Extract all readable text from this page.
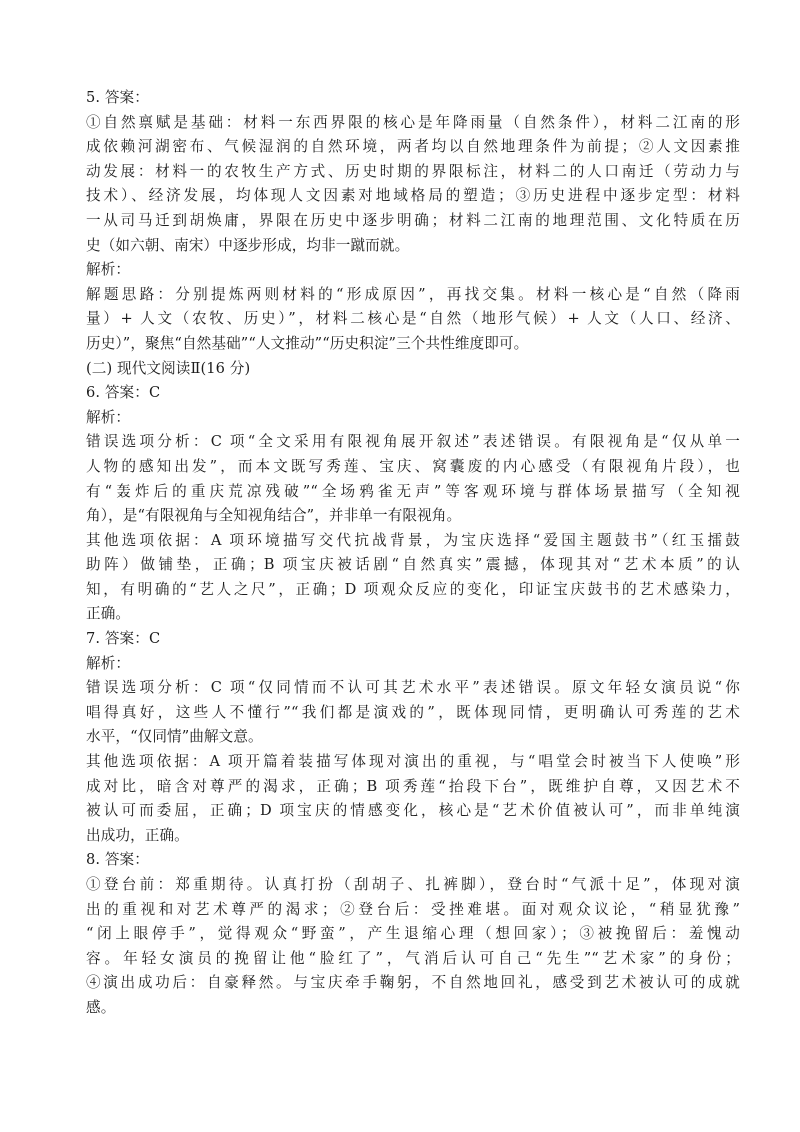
5. 答案：
①自然禀赋是基础：材料一东西界限的核心是年降雨量（自然条件），材料二江南的形
成依赖河湖密布、气候湿润的自然环境，两者均以自然地理条件为前提；②人文因素推
动发展：材料一的农牧生产方式、历史时期的界限标注，材料二的人口南迁（劳动力与
技术）、经济发展，均体现人文因素对地域格局的塑造；③历史进程中逐步定型：材料
一从司马迁到胡焕庸，界限在历史中逐步明确；材料二江南的地理范围、文化特质在历
史（如六朝、南宋）中逐步形成，均非一蹴而就。
解析：
解题思路：分别提炼两则材料的“形成原因”，再找交集。材料一核心是“自然（降雨
量）+ 人文（农牧、历史）”，材料二核心是“自然（地形气候）+ 人文（人口、经济、
历史）”，聚焦“自然基础”“人文推动”“历史积淀”三个共性维度即可。
(二) 现代文阅读Ⅱ(16 分)
6. 答案：C
解析：
错误选项分析：C 项“全文采用有限视角展开叙述”表述错误。有限视角是“仅从单一
人物的感知出发”，而本文既写秀莲、宝庆、窝囊废的内心感受（有限视角片段），也
有“轰炸后的重庆荒凉残破”“全场鸦雀无声”等客观环境与群体场景描写（全知视
角），是“有限视角与全知视角结合”，并非单一有限视角。
其他选项依据：A 项环境描写交代抗战背景，为宝庆选择“爱国主题鼓书”（红玉擂鼓
助阵）做铺垫，正确；B 项宝庆被话剧“自然真实”震撼，体现其对“艺术本质”的认
知，有明确的“艺人之尺”，正确；D 项观众反应的变化，印证宝庆鼓书的艺术感染力，
正确。
7. 答案：C
解析：
错误选项分析：C 项“仅同情而不认可其艺术水平”表述错误。原文年轻女演员说“你
唱得真好，这些人不懂行”“我们都是演戏的”，既体现同情，更明确认可秀莲的艺术
水平，“仅同情”曲解文意。
其他选项依据：A 项开篇着装描写体现对演出的重视，与“唱堂会时被当下人使唤”形
成对比，暗含对尊严的渴求，正确；B 项秀莲“抬段下台”，既维护自尊，又因艺术不
被认可而委屈，正确；D 项宝庆的情感变化，核心是“艺术价值被认可”，而非单纯演
出成功，正确。
8. 答案：
①登台前：郑重期待。认真打扮（刮胡子、扎裤脚），登台时“气派十足”，体现对演
出的重视和对艺术尊严的渴求；②登台后：受挫难堪。面对观众议论，“稍显犹豫”
“闭上眼停手”，觉得观众“野蛮”，产生退缩心理（想回家）；③被挽留后：羞愧动
容。年轻女演员的挽留让他“脸红了”，气消后认可自己“先生”“艺术家”的身份；
④演出成功后：自豪释然。与宝庆牵手鞠躬，不自然地回礼，感受到艺术被认可的成就
感。
